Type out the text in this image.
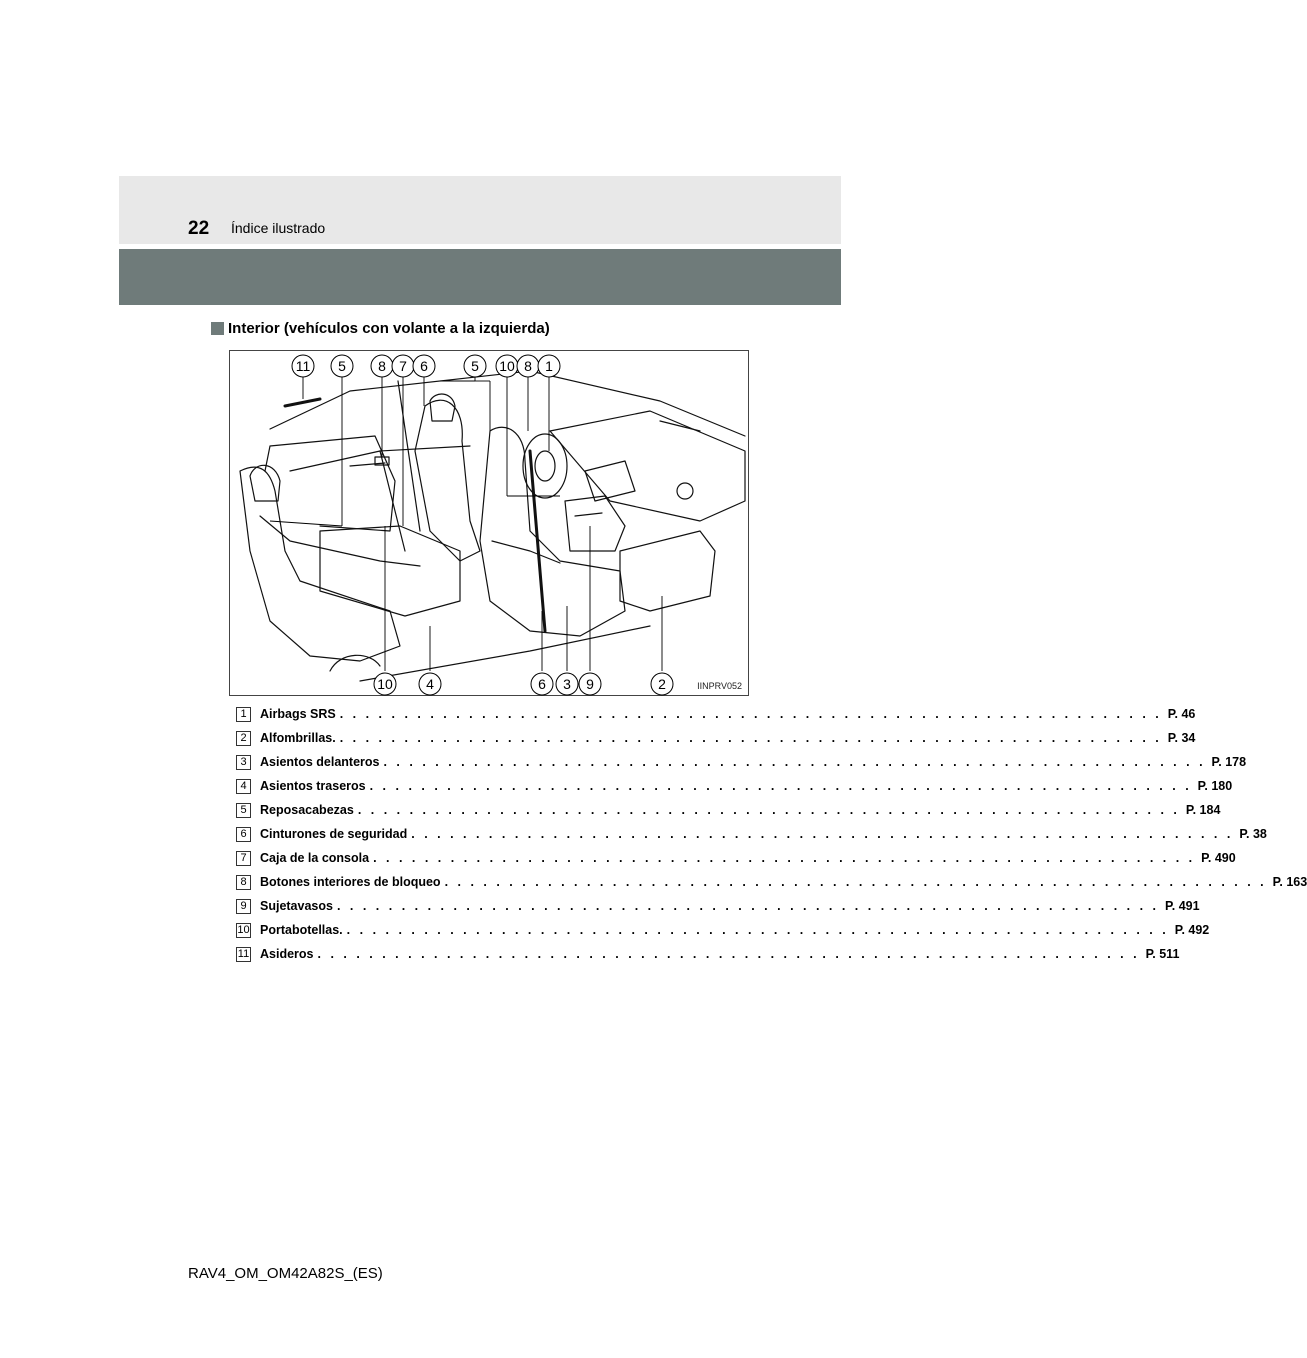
22 Índice ilustrado
Interior (vehículos con volante a la izquierda)
11 5 8 7 6	5 10 8 1
10 4	6 3 9	2	IINPRV052
1	Airbags SRS . . . . . . . . . . . . . . . . . . . . . . . . . . . . . . . . . . . . . . . . . . . . . . . . . . . . . . . . . . . . . . . . P. 46
2	Alfombrillas. . . . . . . . . . . . . . . . . . . . . . . . . . . . . . . . . . . . . . . . . . . . . . . . . . . . . . . . . . . . . . . . . P. 34
3	Asientos delanteros . . . . . . . . . . . . . . . . . . . . . . . . . . . . . . . . . . . . . . . . . . . . . . . . . . . . . . . . . . . . . . . . P. 178
4	Asientos traseros . . . . . . . . . . . . . . . . . . . . . . . . . . . . . . . . . . . . . . . . . . . . . . . . . . . . . . . . . . . . . . . . P. 180
5	Reposacabezas . . . . . . . . . . . . . . . . . . . . . . . . . . . . . . . . . . . . . . . . . . . . . . . . . . . . . . . . . . . . . . . . P. 184
6	Cinturones de seguridad . . . . . . . . . . . . . . . . . . . . . . . . . . . . . . . . . . . . . . . . . . . . . . . . . . . . . . . . . . . . . . . . P. 38
7	Caja de la consola . . . . . . . . . . . . . . . . . . . . . . . . . . . . . . . . . . . . . . . . . . . . . . . . . . . . . . . . . . . . . . . . P. 490
8	Botones interiores de bloqueo . . . . . . . . . . . . . . . . . . . . . . . . . . . . . . . . . . . . . . . . . . . . . . . . . . . . . . . . . . . . . . . . P. 163
9	Sujetavasos . . . . . . . . . . . . . . . . . . . . . . . . . . . . . . . . . . . . . . . . . . . . . . . . . . . . . . . . . . . . . . . . P. 491
10 Portabotellas. . . . . . . . . . . . . . . . . . . . . . . . . . . . . . . . . . . . . . . . . . . . . . . . . . . . . . . . . . . . . . . . . P. 492
11 Asideros . . . . . . . . . . . . . . . . . . . . . . . . . . . . . . . . . . . . . . . . . . . . . . . . . . . . . . . . . . . . . . . . P. 511
RAV4_OM_OM42A82S_(ES)
